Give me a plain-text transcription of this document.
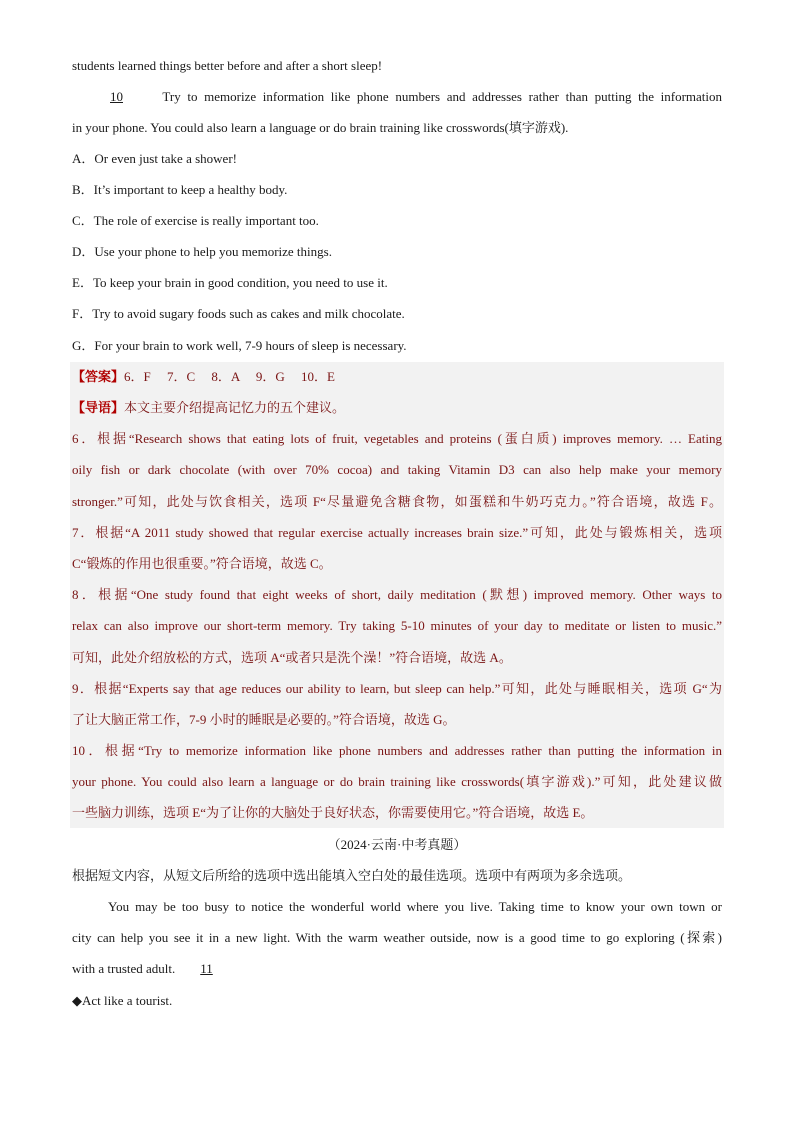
students learned things better before and after a short sleep!
10	Try to memorize information like phone numbers and addresses rather than putting the information
in your phone. You could also learn a language or do brain training like crosswords(填字游戏).
A．Or even just take a shower!
B．It’s important to keep a healthy body.
C．The role of exercise is really important too.
D．Use your phone to help you memorize things.
E．To keep your brain in good condition, you need to use it.
F．Try to avoid sugary foods such as cakes and milk chocolate.
G．For your brain to work well, 7-9 hours of sleep is necessary.
【答案】6．F　 7．C　 8．A　 9．G　 10．E
【导语】本文主要介绍提高记忆力的五个建议。
6．根据“Research shows that eating lots of fruit, vegetables and proteins (蛋白质) improves memory. … Eating
oily fish or dark chocolate (with over 70% cocoa) and taking Vitamin D3 can also help make your memory
stronger.”可知，此处与饮食相关，选项 F“尽量避免含糖食物，如蛋糕和牛奶巧克力。”符合语境，故选 F。
7．根据“A 2011 study showed that regular exercise actually increases brain size.”可知，此处与锻炼相关，选项
C“锻炼的作用也很重要。”符合语境，故选 C。
8．根据“One study found that eight weeks of short, daily meditation (默想) improved memory. Other ways to
relax can also improve our short-term memory. Try taking 5-10 minutes of your day to meditate or listen to music.”
可知，此处介绍放松的方式，选项 A“或者只是洗个澡！”符合语境，故选 A。
9．根据“Experts say that age reduces our ability to learn, but sleep can help.”可知，此处与睡眠相关，选项 G“为
了让大脑正常工作，7-9 小时的睡眠是必要的。”符合语境，故选 G。
10．根据“Try to memorize information like phone numbers and addresses rather than putting the information in
your phone. You could also learn a language or do brain training like crosswords(填字游戏).”可知，此处建议做
一些脑力训练，选项 E“为了让你的大脑处于良好状态，你需要使用它。”符合语境，故选 E。
（2024·云南·中考真题）
根据短文内容，从短文后所给的选项中选出能填入空白处的最佳选项。选项中有两项为多余选项。
You may be too busy to notice the wonderful world where you live. Taking time to know your own town or
city can help you see it in a new light. With the warm weather outside, now is a good time to go exploring (探索)
with a trusted adult. 11
◆Act like a tourist.
